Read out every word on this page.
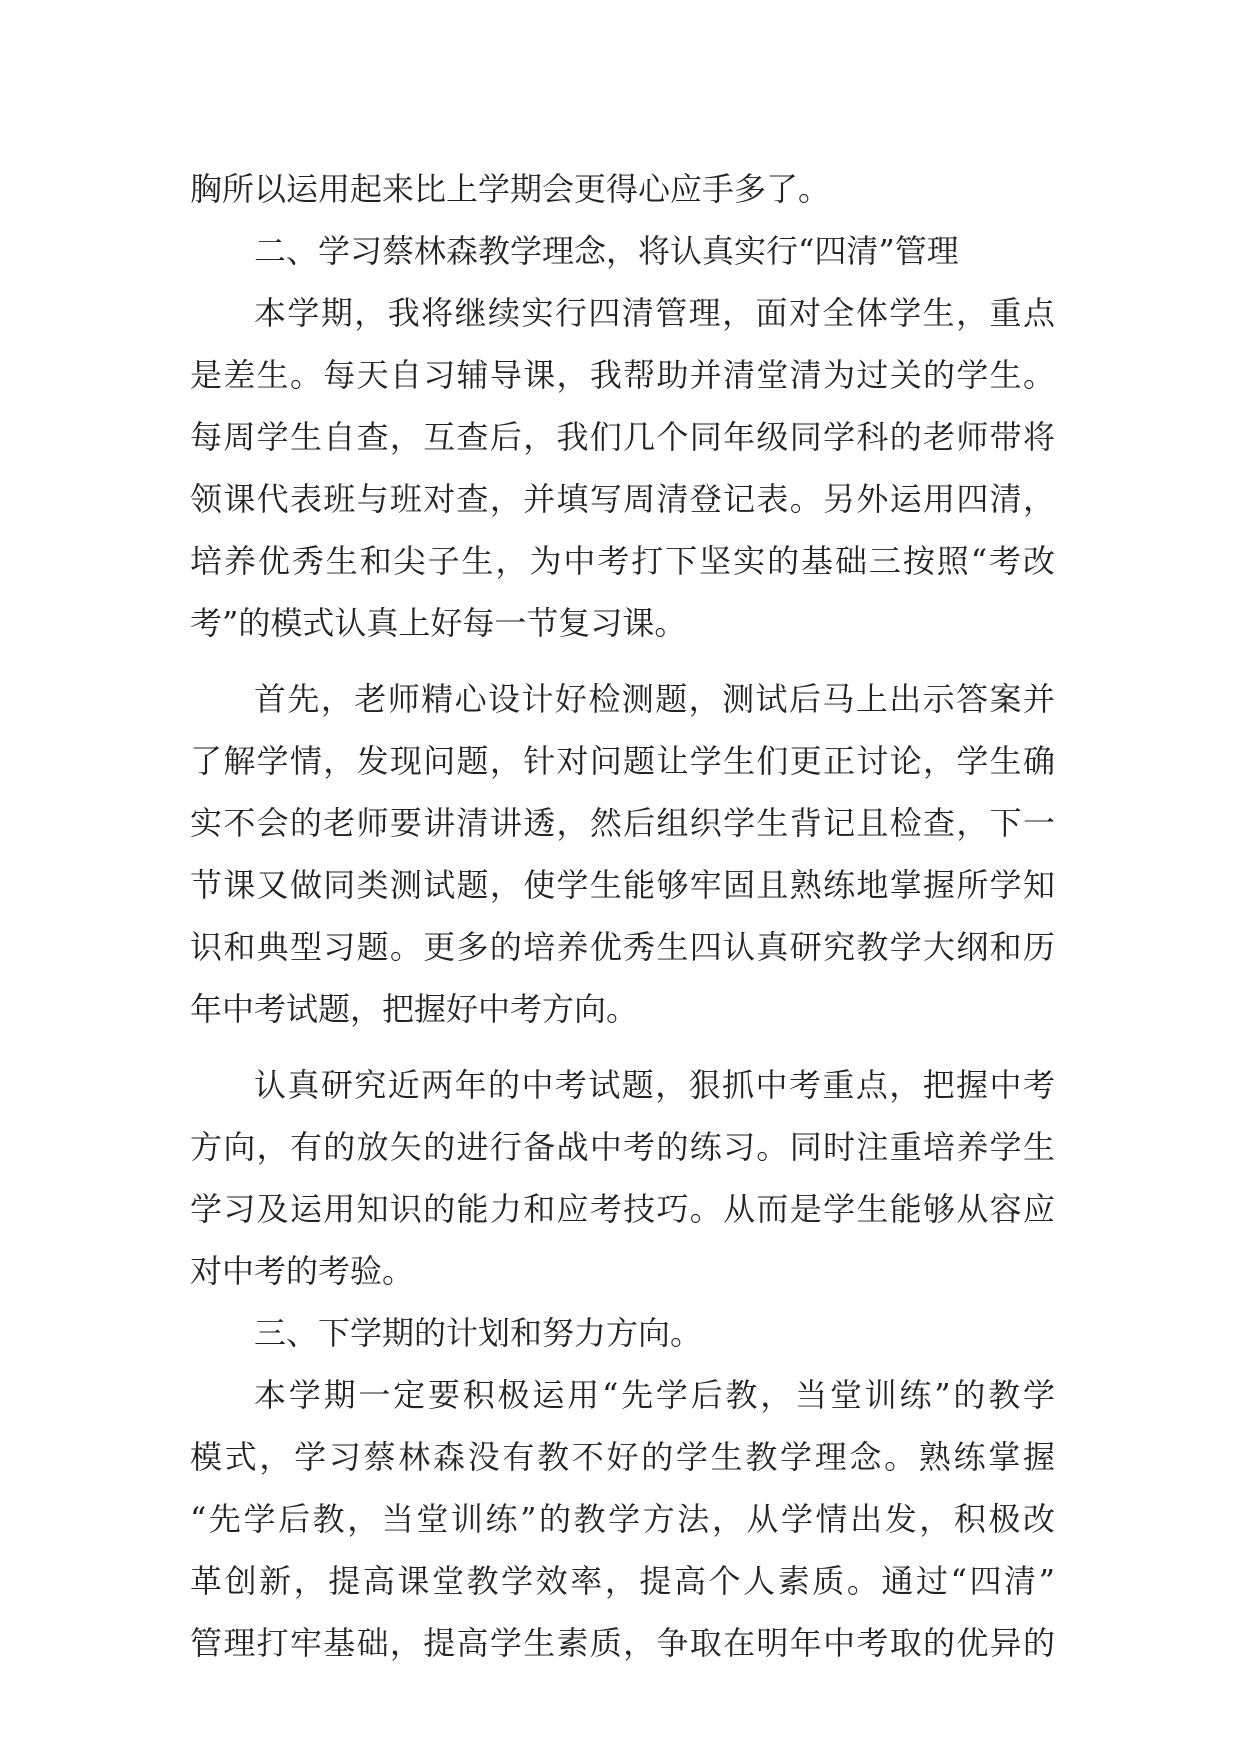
胸所以运用起来比上学期会更得心应手多了。
二、学习蔡林森教学理念，将认真实行“四清”管理
本学期，我将继续实行四清管理，面对全体学生，重点
是差生。每天自习辅导课，我帮助并清堂清为过关的学生。
每周学生自查，互查后，我们几个同年级同学科的老师带将
领课代表班与班对查，并填写周清登记表。另外运用四清，
培养优秀生和尖子生，为中考打下坚实的基础三按照“考改
考”的模式认真上好每一节复习课。
首先，老师精心设计好检测题，测试后马上出示答案并
了解学情，发现问题，针对问题让学生们更正讨论，学生确
实不会的老师要讲清讲透，然后组织学生背记且检查，下一
节课又做同类测试题，使学生能够牢固且熟练地掌握所学知
识和典型习题。更多的培养优秀生四认真研究教学大纲和历
年中考试题，把握好中考方向。
认真研究近两年的中考试题，狠抓中考重点，把握中考
方向，有的放矢的进行备战中考的练习。同时注重培养学生
学习及运用知识的能力和应考技巧。从而是学生能够从容应
对中考的考验。
三、下学期的计划和努力方向。
本学期一定要积极运用“先学后教，当堂训练”的教学
模式，学习蔡林森没有教不好的学生教学理念。熟练掌握
“先学后教，当堂训练”的教学方法，从学情出发，积极改
革创新，提高课堂教学效率，提高个人素质。通过“四清”
管理打牢基础，提高学生素质，争取在明年中考取的优异的
